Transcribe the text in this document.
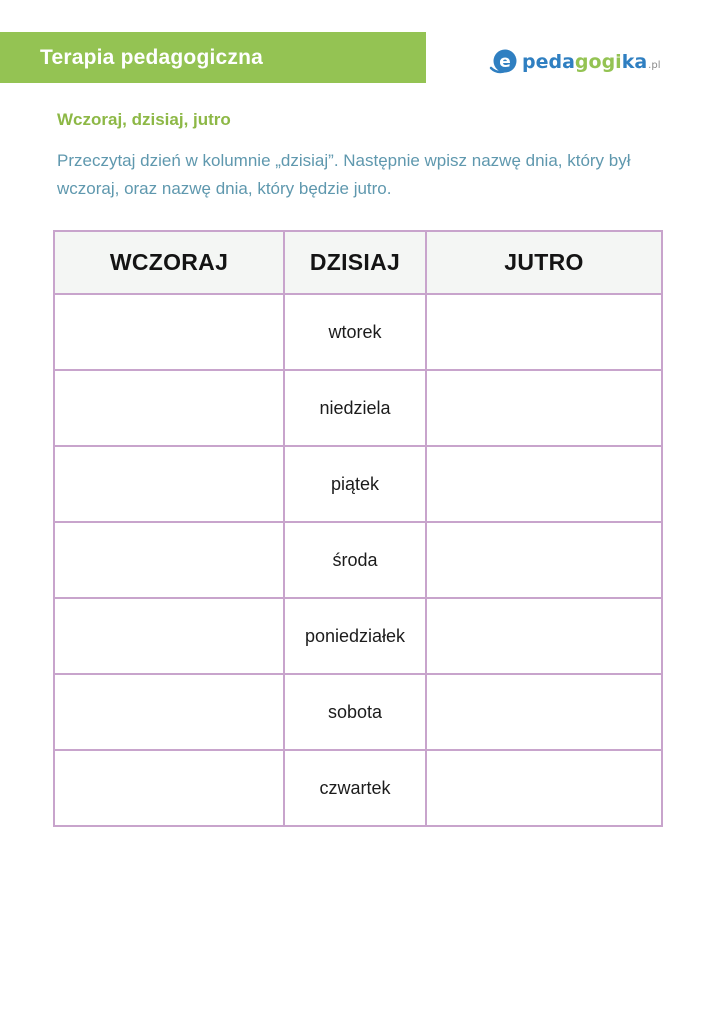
Terapia pedagogiczna	e peda gogi ka .pl
Wczoraj, dzisiaj, jutro
Przeczytaj dzień w kolumnie „dzisiaj”. Następnie wpisz nazwę dnia, który był wczoraj, oraz nazwę dnia, który będzie jutro.
WCZORAJ	DZISIAJ	JUTRO
	wtorek	
	niedziela	
	piątek	
	środa	
	poniedziałek	
	sobota	
	czwartek	
